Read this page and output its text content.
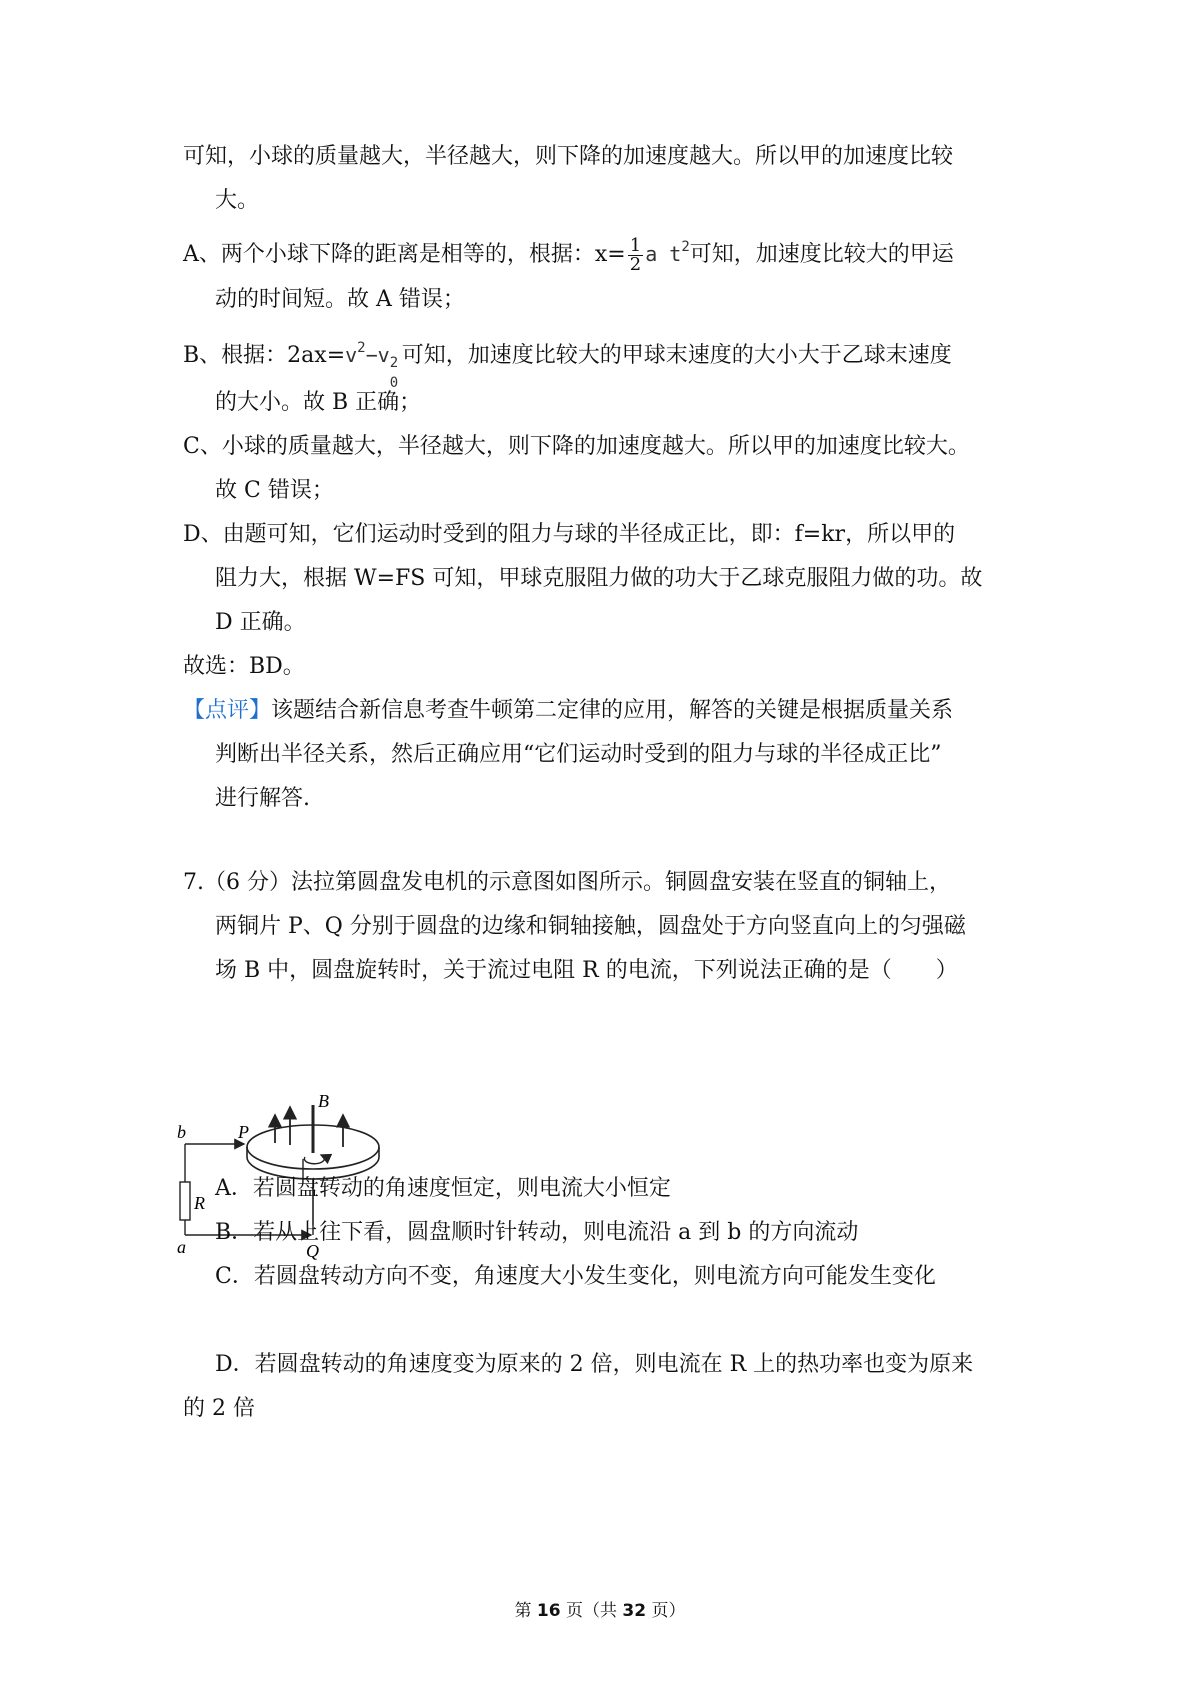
可知，小球的质量越大，半径越大，则下降的加速度越大。所以甲的加速度比较
大。
A、两个小球下降的距离是相等的，根据：$x= \frac{1}{2}$ a $t^2$可知，加速度比较大的甲运
动的时间短。故 A 错误；
B、根据：$2ax=v^2-v$ 2
0
可知，加速度比较大的甲球末速度的大小大于乙球末速度
的大小。故 B 正确；
C、小球的质量越大，半径越大，则下降的加速度越大。所以甲的加速度比较大。
故 C 错误；
D、由题可知，它们运动时受到的阻力与球的半径成正比，即：f=kr，所以甲的
阻力大，根据 W=FS 可知，甲球克服阻力做的功大于乙球克服阻力做的功。故
D 正确。
故选：BD。
【点评】该题结合新信息考查牛顿第二定律的应用，解答的关键是根据质量关系
判断出半径关系，然后正确应用“它们运动时受到的阻力与球的半径成正比”
进行解答.
7.（6 分）法拉第圆盘发电机的示意图如图所示。铜圆盘安装在竖直的铜轴上，
两铜片 P、Q 分别于圆盘的边缘和铜轴接触，圆盘处于方向竖直向上的匀强磁
场 B 中，圆盘旋转时，关于流过电阻 R 的电流，下列说法正确的是（　　）
B
P
Q
b
a
R
A．若圆盘转动的角速度恒定，则电流大小恒定
B．若从上往下看，圆盘顺时针转动，则电流沿 a 到 b 的方向流动
C．若圆盘转动方向不变，角速度大小发生变化，则电流方向可能发生变化
D．若圆盘转动的角速度变为原来的 2 倍，则电流在 R 上的热功率也变为原来
的 2 倍
第 16 页（共 32 页）
